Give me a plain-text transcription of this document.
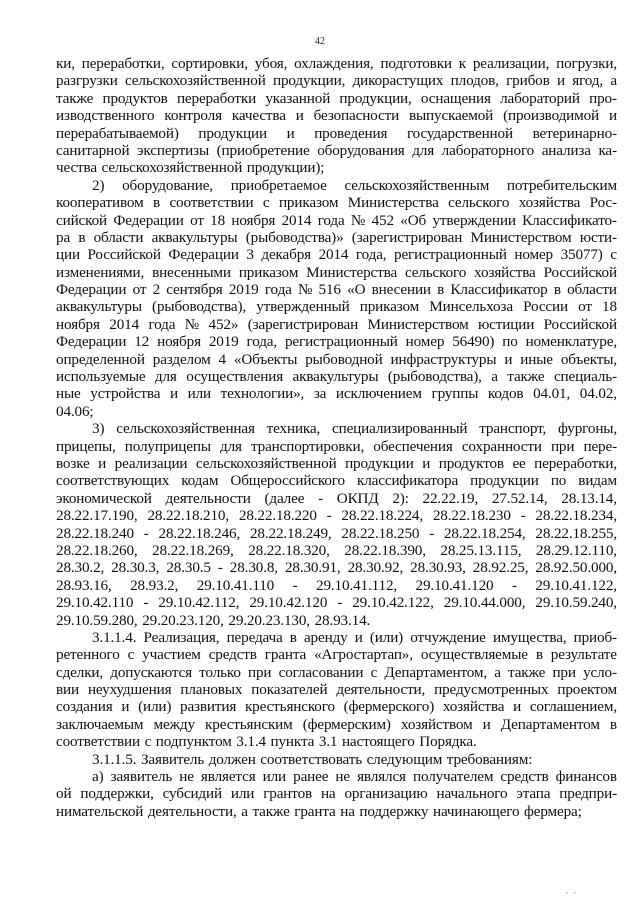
42
ки, переработки, сортировки, убоя, охлаждения, подготовки к реализации, погрузки,
разгрузки сельскохозяйственной продукции, дикорастущих плодов, грибов и ягод, а
также продуктов переработки указанной продукции, оснащения лабораторий про-
изводственного контроля качества и безопасности выпускаемой (производимой и
перерабатываемой) продукции и проведения государственной ветеринарно-
санитарной экспертизы (приобретение оборудования для лабораторного анализа ка-
чества сельскохозяйственной продукции);
2) оборудование, приобретаемое сельскохозяйственным потребительским
кооперативом в соответствии с приказом Министерства сельского хозяйства Рос-
сийской Федерации от 18 ноября 2014 года № 452 «Об утверждении Классификато-
ра в области аквакультуры (рыбоводства)» (зарегистрирован Министерством юсти-
ции Российской Федерации 3 декабря 2014 года, регистрационный номер 35077) с
изменениями, внесенными приказом Министерства сельского хозяйства Российской
Федерации от 2 сентября 2019 года № 516 «О внесении в Классификатор в области
аквакультуры (рыбоводства), утвержденный приказом Минсельхоза России от 18
ноября 2014 года № 452» (зарегистрирован Министерством юстиции Российской
Федерации 12 ноября 2019 года, регистрационный номер 56490) по номенклатуре,
определенной разделом 4 «Объекты рыбоводной инфраструктуры и иные объекты,
используемые для осуществления аквакультуры (рыбоводства), а также специаль-
ные устройства и или технологии», за исключением группы кодов 04.01, 04.02,
04.06;
3) сельскохозяйственная техника, специализированный транспорт, фургоны,
прицепы, полуприцепы для транспортировки, обеспечения сохранности при пере-
возке и реализации сельскохозяйственной продукции и продуктов ее переработки,
соответствующих кодам Общероссийского классификатора продукции по видам
экономической деятельности (далее - ОКПД 2): 22.22.19, 27.52.14, 28.13.14,
28.22.17.190, 28.22.18.210, 28.22.18.220 - 28.22.18.224, 28.22.18.230 - 28.22.18.234,
28.22.18.240 - 28.22.18.246, 28.22.18.249, 28.22.18.250 - 28.22.18.254, 28.22.18.255,
28.22.18.260, 28.22.18.269, 28.22.18.320, 28.22.18.390, 28.25.13.115, 28.29.12.110,
28.30.2, 28.30.3, 28.30.5 - 28.30.8, 28.30.91, 28.30.92, 28.30.93, 28.92.25, 28.92.50.000,
28.93.16, 28.93.2, 29.10.41.110 - 29.10.41.112, 29.10.41.120 - 29.10.41.122,
29.10.42.110 - 29.10.42.112, 29.10.42.120 - 29.10.42.122, 29.10.44.000, 29.10.59.240,
29.10.59.280, 29.20.23.120, 29.20.23.130, 28.93.14.
3.1.1.4. Реализация, передача в аренду и (или) отчуждение имущества, приоб-
ретенного с участием средств гранта «Агростартап», осуществляемые в результате
сделки, допускаются только при согласовании с Департаментом, а также при усло-
вии неухудшения плановых показателей деятельности, предусмотренных проектом
создания и (или) развития крестьянского (фермерского) хозяйства и соглашением,
заключаемым между крестьянским (фермерским) хозяйством и Департаментом в
соответствии с подпунктом 3.1.4 пункта 3.1 настоящего Порядка.
3.1.1.5. Заявитель должен соответствовать следующим требованиям:
а) заявитель не является или ранее не являлся получателем средств финансов
ой поддержки, субсидий или грантов на организацию начального этапа предпри-
нимательской деятельности, а также гранта на поддержку начинающего фермера;
• •
